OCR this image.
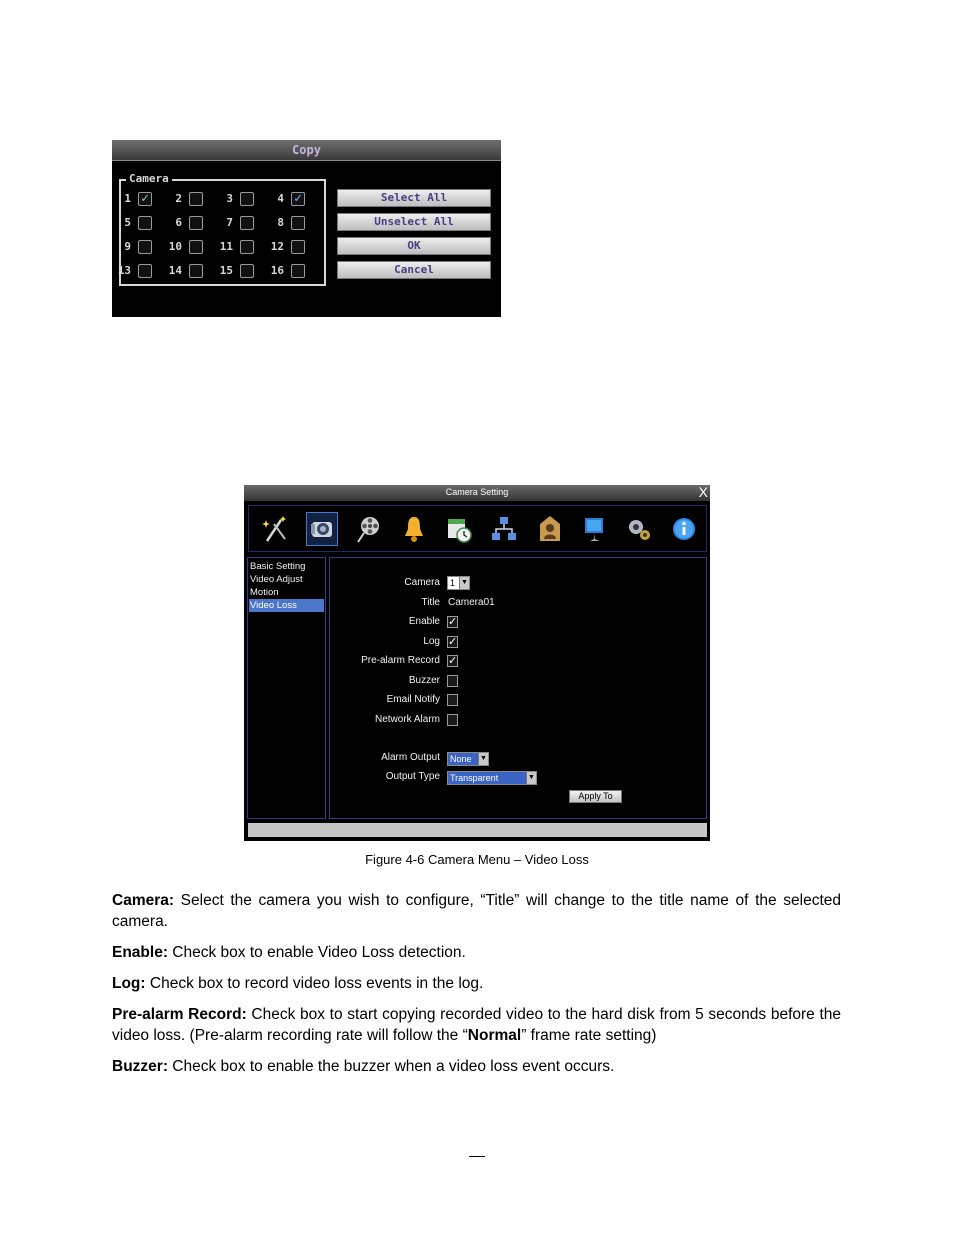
Copy
Camera
1 ✓	2	3	4 ✓
5	6	7	8
9	10	11	12
13	14	15	16
Select All
Unselect All
OK
Cancel
Camera Setting	X
Basic Setting
Video Adjust
Motion
Video Loss
Camera	1 ▼
Title Camera01
Enable ✓
Log ✓
Pre-alarm Record ✓
Buzzer
Email Notify
Network Alarm
Alarm Output	None ▼
Output Type	Transparent	▼
Apply To
Figure 4-6 Camera Menu – Video Loss

Camera: Select the camera you wish to configure, “Title” will change to the title name of the selected camera.

Enable: Check box to enable Video Loss detection.

Log: Check box to record video loss events in the log.

Pre-alarm Record: Check box to start copying recorded video to the hard disk from 5 seconds before the video loss. (Pre-alarm recording rate will follow the “Normal” frame rate setting)

Buzzer: Check box to enable the buzzer when a video loss event occurs.
